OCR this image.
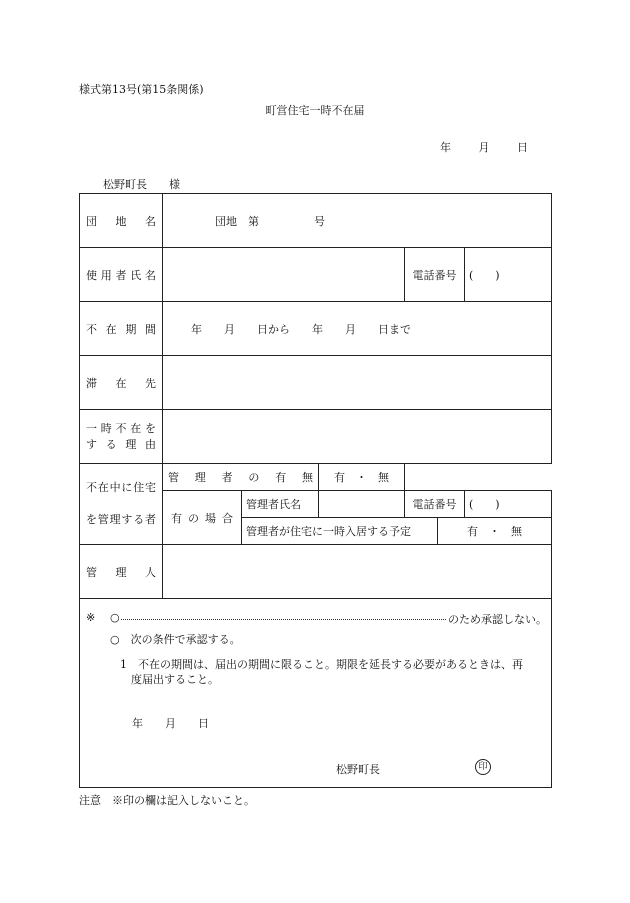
様式第13号(第15条関係)
町営住宅一時不在届
年	月	日
松野町長　　様
団 地 名	団地　第　　　　　号					
使用者氏名				電話番号		(　　)
不 在 期 間	年　　月　　日から　　年　　月　　日まで					
滞 在 先						

一時不在を
する理由						

不在中に住宅
を管理する者	管理者の有無		有　・　無			
	有 の 場 合	管理者氏名		電話番号		(　　)
		管理者が住宅に一時入居する予定			有　・　無	
管 理 人						
※ ○	のため承認しない。
○　次の条件で承認する。
1　不在の期間は、届出の期間に限ること。期限を延長する必要があるときは、再
度届出すること。
年　　月　　日
松野町長	印
注意　※印の欄は記入しないこと。
